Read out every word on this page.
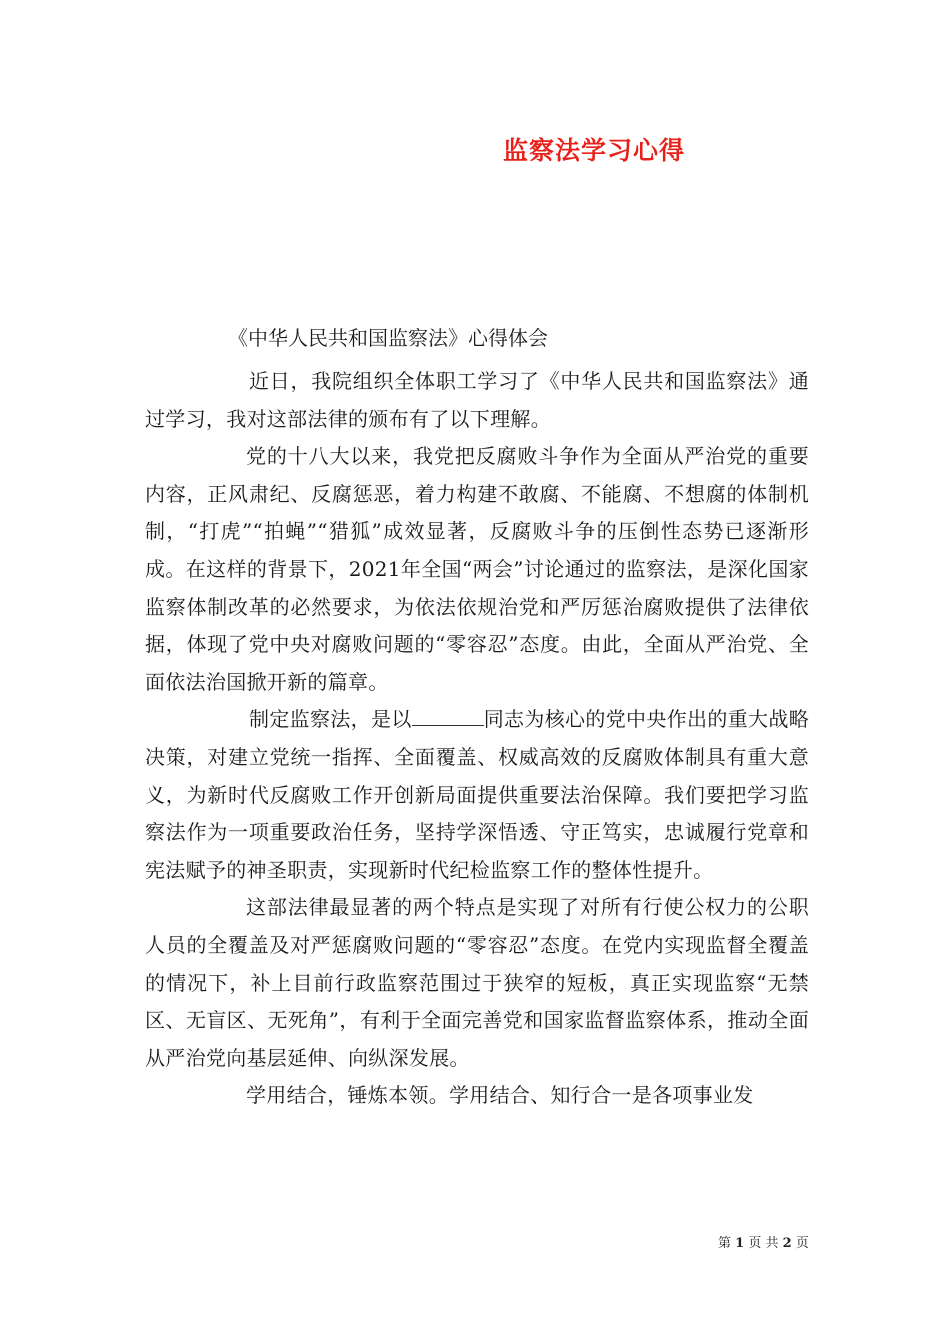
监察法学习心得

《中华人民共和国监察法》心得体会

近日，我院组织全体职工学习了《中华人民共和国监察法》通过学习，我对这部法律的颁布有了以下理解。

党的十八大以来，我党把反腐败斗争作为全面从严治党的重要内容，正风肃纪、反腐惩恶，着力构建不敢腐、不能腐、不想腐的体制机制，“打虎”“拍蝇”“猎狐”成效显著，反腐败斗争的压倒性态势已逐渐形成。在这样的背景下，2021年全国“两会”讨论通过的监察法，是深化国家监察体制改革的必然要求，为依法依规治党和严厉惩治腐败提供了法律依据，体现了党中央对腐败问题的“零容忍”态度。由此，全面从严治党、全面依法治国掀开新的篇章。

制定监察法，是以	同志为核心的党中央作出的重大战略决策，对建立党统一指挥、全面覆盖、权威高效的反腐败体制具有重大意义，为新时代反腐败工作开创新局面提供重要法治保障。我们要把学习监察法作为一项重要政治任务，坚持学深悟透、守正笃实，忠诚履行党章和宪法赋予的神圣职责，实现新时代纪检监察工作的整体性提升。

这部法律最显著的两个特点是实现了对所有行使公权力的公职人员的全覆盖及对严惩腐败问题的“零容忍”态度。在党内实现监督全覆盖的情况下，补上目前行政监察范围过于狭窄的短板，真正实现监察“无禁区、无盲区、无死角”，有利于全面完善党和国家监督监察体系，推动全面从严治党向基层延伸、向纵深发展。

学用结合，锤炼本领。学用结合、知行合一是各项事业发

第 1 页 共 2 页
